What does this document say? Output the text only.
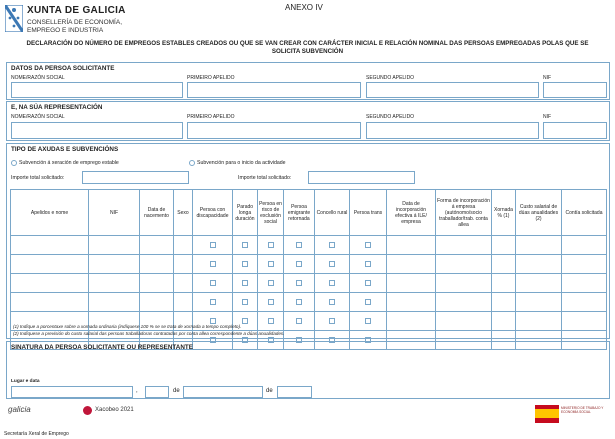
XUNTA DE GALICIA
CONSELLERÍA DE ECONOMÍA,
EMPREGO E INDUSTRIA
ANEXO IV
DECLARACIÓN DO NÚMERO DE EMPREGOS ESTABLES CREADOS OU QUE SE VAN CREAR CON CARÁCTER INICIAL E RELACIÓN NOMINAL DAS PERSOAS EMPREGADAS POLAS QUE SE SOLICITA SUBVENCIÓN
DATOS DA PERSOA SOLICITANTE
NOME/RAZÓN SOCIAL	PRIMEIRO APELIDO	SEGUNDO APELIDO	NIF
E, NA SÚA REPRESENTACIÓN
NOME/RAZÓN SOCIAL	PRIMEIRO APELIDO	SEGUNDO APELIDO	NIF
TIPO DE AXUDAS E SUBVENCIÓNS
Subvención á xeración de emprego estable	Subvención para o inicio da actividade
Importe total solicitado:	Importe total solicitado:
Apelidos e nome	NIF	Data de nacemento	Sexo	Persoa con discapacidade	Parado longa duración	Persoa en risco de exclusión social	Persoa emigrante retornada	Concello rural	Persoa trans	Data de incorporación efectiva á ILE/ empresa	Forma de incorporación á empresa (autónomo/socio traballador/trab. conta allea	Xornada % (1)	Custo salarial de dúas anualidades (2)	Contía solicitada

(1) Indíque a porcentaxe sobre a xornada ordinaria (indíquese 100 % se se trata de xornada a tempo completo).
(2) Indíquese a previsión do custo salarial das persoas traballadoras contratadas por conta allea correspondente a dúas anualidades.
SINATURA DA PERSOA SOLICITANTE OU REPRESENTANTE
Lugar e data
,	de	de
galicia	Xacobeo 2021	MINISTERIO DE TRABAJO Y ECONOMÍA SOCIAL
Secretaría Xeral de Emprego
